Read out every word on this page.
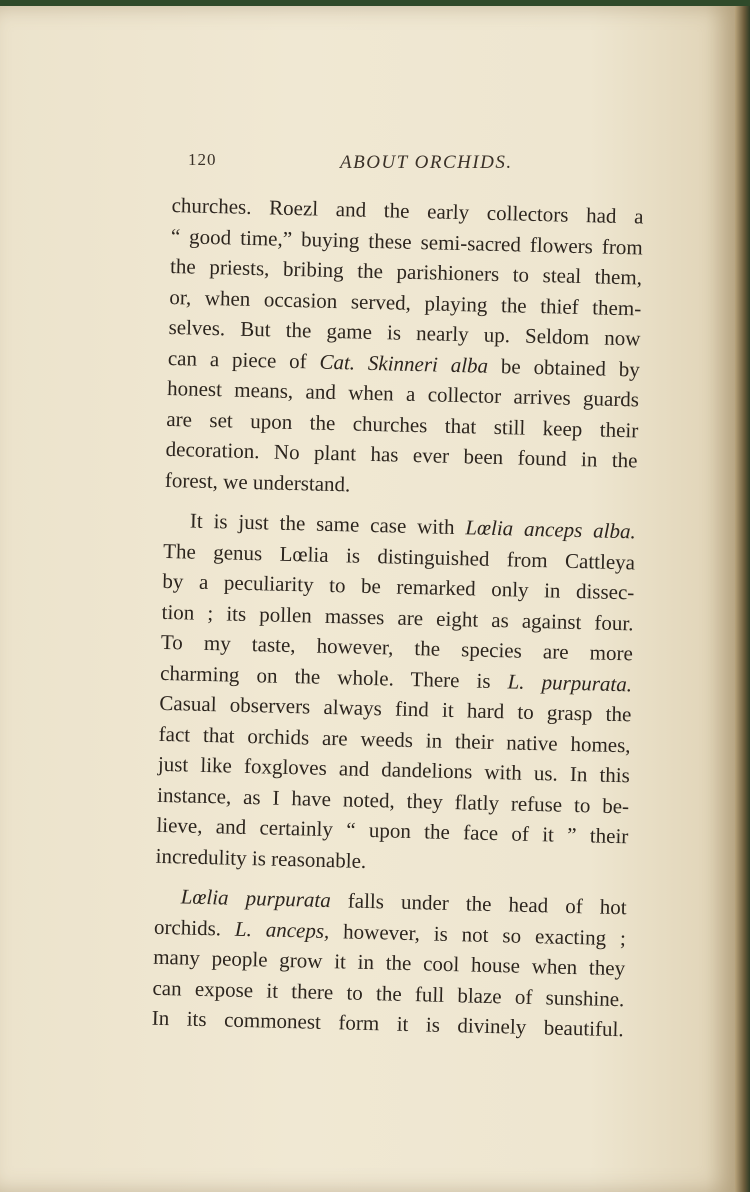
120	ABOUT ORCHIDS.
churches. Roezl and the early collectors had a
“ good time,” buying these semi-sacred flowers from
the priests, bribing the parishioners to steal them,
or, when occasion served, playing the thief them-
selves. But the game is nearly up. Seldom now
can a piece of Cat. Skinneri alba be obtained by
honest means, and when a collector arrives guards
are set upon the churches that still keep their
decoration. No plant has ever been found in the
forest, we understand.
It is just the same case with Lœlia anceps alba.
The genus Lœlia is distinguished from Cattleya
by a peculiarity to be remarked only in dissec-
tion ; its pollen masses are eight as against four.
To my taste, however, the species are more
charming on the whole. There is L. purpurata.
Casual observers always find it hard to grasp the
fact that orchids are weeds in their native homes,
just like foxgloves and dandelions with us. In this
instance, as I have noted, they flatly refuse to be-
lieve, and certainly “ upon the face of it ” their
incredulity is reasonable.
Lœlia purpurata falls under the head of hot
orchids. L. anceps, however, is not so exacting ;
many people grow it in the cool house when they
can expose it there to the full blaze of sunshine.
In its commonest form it is divinely beautiful.
